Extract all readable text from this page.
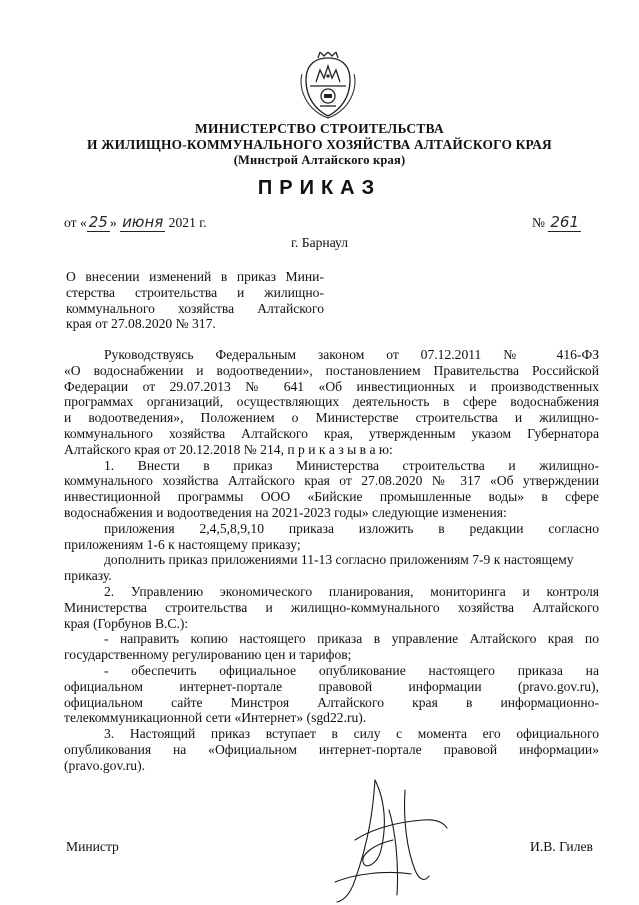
МИНИСТЕРСТВО СТРОИТЕЛЬСТВА
И ЖИЛИЩНО-КОММУНАЛЬНОГО ХОЗЯЙСТВА АЛТАЙСКОГО КРАЯ
(Минстрой Алтайского края)
ПРИКАЗ
от « 25 » июня 2021 г.	№ 261
г. Барнаул
О внесении изменений в приказ Мини-
стерства строительства и жилищно-
коммунального хозяйства Алтайского
края от 27.08.2020 № 317.
Руководствуясь Федеральным законом от 07.12.2011 № 416-ФЗ
«О водоснабжении и водоотведении», постановлением Правительства Российской
Федерации от 29.07.2013 № 641 «Об инвестиционных и производственных
программах организаций, осуществляющих деятельность в сфере водоснабжения
и водоотведения», Положением о Министерстве строительства и жилищно-
коммунального хозяйства Алтайского края, утвержденным указом Губернатора
Алтайского края от 20.12.2018 № 214, п р и к а з ы в а ю:
1. Внести в приказ Министерства строительства и жилищно-
коммунального хозяйства Алтайского края от 27.08.2020 № 317 «Об утверждении
инвестиционной программы ООО «Бийские промышленные воды» в сфере
водоснабжения и водоотведения на 2021-2023 годы» следующие изменения:
приложения 2,4,5,8,9,10 приказа изложить в редакции согласно
приложениям 1-6 к настоящему приказу;
дополнить приказ приложениями 11-13 согласно приложениям 7-9 к настоящему
приказу.
2. Управлению экономического планирования, мониторинга и контроля
Министерства строительства и жилищно-коммунального хозяйства Алтайского
края (Горбунов В.С.):
- направить копию настоящего приказа в управление Алтайского края по
государственному регулированию цен и тарифов;
- обеспечить официальное опубликование настоящего приказа на
официальном интернет-портале правовой информации (pravo.gov.ru),
официальном сайте Минстроя Алтайского края в информационно-
телекоммуникационной сети «Интернет» (sgd22.ru).
3. Настоящий приказ вступает в силу с момента его официального
опубликования на «Официальном интернет-портале правовой информации»
(pravo.gov.ru).
Министр	И.В. Гилев
